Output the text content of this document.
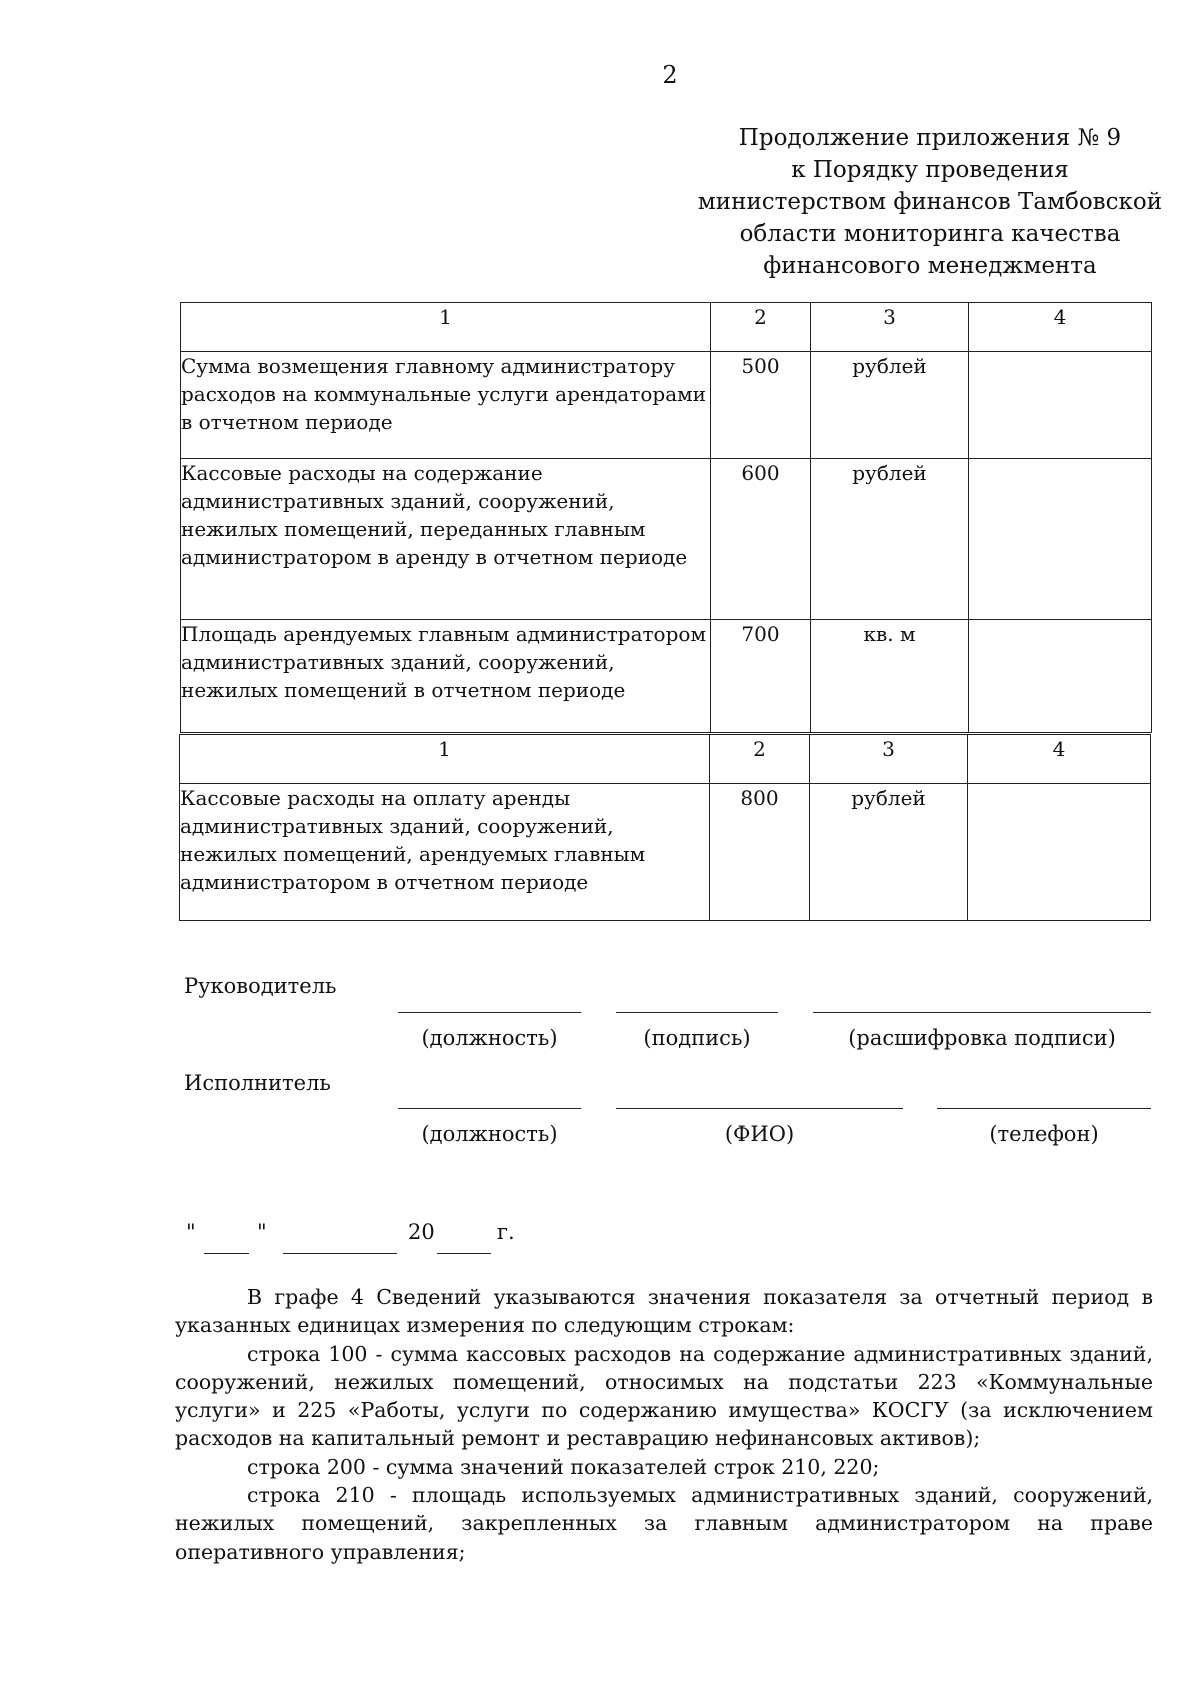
2
Продолжение приложения № 9
к Порядку проведения
министерством финансов Тамбовской
области мониторинга качества
финансового менеджмента
1	2	3	4
Сумма возмещения главному администратору расходов на коммунальные услуги арендаторами в отчетном периоде	500	рублей	
Кассовые расходы на содержание административных зданий, сооружений, нежилых помещений, переданных главным администратором в аренду в отчетном периоде	600	рублей	
Площадь арендуемых главным администратором административных зданий, сооружений, нежилых помещений в отчетном периоде	700	кв. м	
1	2	3	4
Кассовые расходы на оплату аренды административных зданий, сооружений, нежилых помещений, арендуемых главным администратором в отчетном периоде	800	рублей	
Руководитель
(должность)	(подпись)	(расшифровка подписи)
Исполнитель
(должность)	(ФИО)	(телефон)
"	"	20	г.

В графе 4 Сведений указываются значения показателя за отчетный период в указанных единицах измерения по следующим строкам:

строка 100 - сумма кассовых расходов на содержание административных зданий, сооружений, нежилых помещений, относимых на подстатьи 223 «Коммунальные услуги» и 225 «Работы, услуги по содержанию имущества» КОСГУ (за исключением расходов на капитальный ремонт и реставрацию нефинансовых активов);

строка 200 - сумма значений показателей строк 210, 220;

строка 210 - площадь используемых административных зданий, сооружений, нежилых помещений, закрепленных за главным администратором на праве оперативного управления;
